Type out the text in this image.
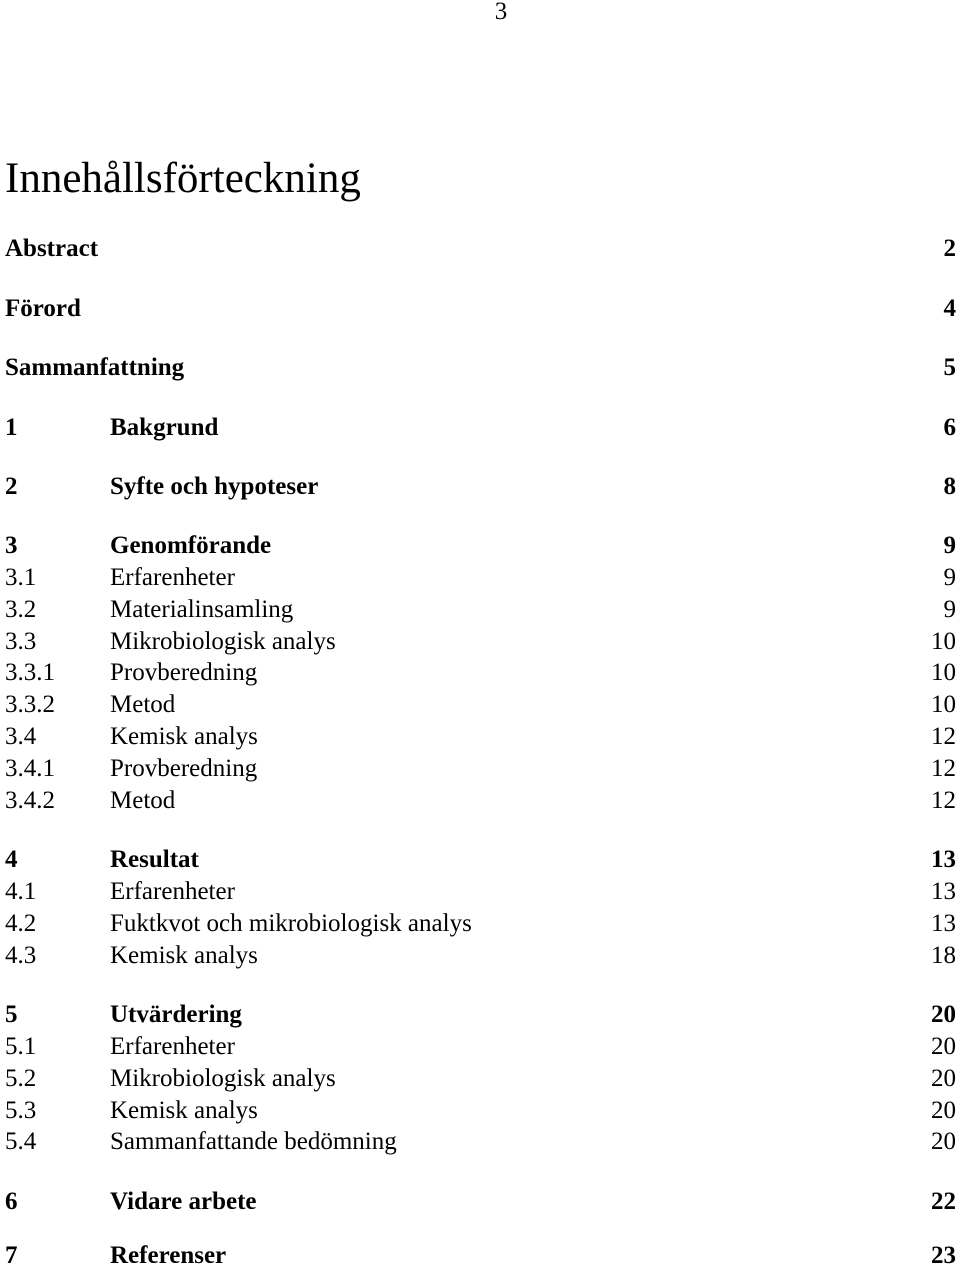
3
Innehållsförteckning
Abstract	2
Förord	4
Sammanfattning	5
1	Bakgrund	6
2	Syfte och hypoteser	8
3	Genomförande	9
3.1	Erfarenheter	9
3.2	Materialinsamling	9
3.3	Mikrobiologisk analys	10
3.3.1 Provberedning	10
3.3.2 Metod	10
3.4	Kemisk analys	12
3.4.1 Provberedning	12
3.4.2 Metod	12
4	Resultat	13
4.1	Erfarenheter	13
4.2	Fuktkvot och mikrobiologisk analys	13
4.3	Kemisk analys	18
5	Utvärdering	20
5.1	Erfarenheter	20
5.2	Mikrobiologisk analys	20
5.3	Kemisk analys	20
5.4	Sammanfattande bedömning	20
6	Vidare arbete	22
7	Referenser	23
